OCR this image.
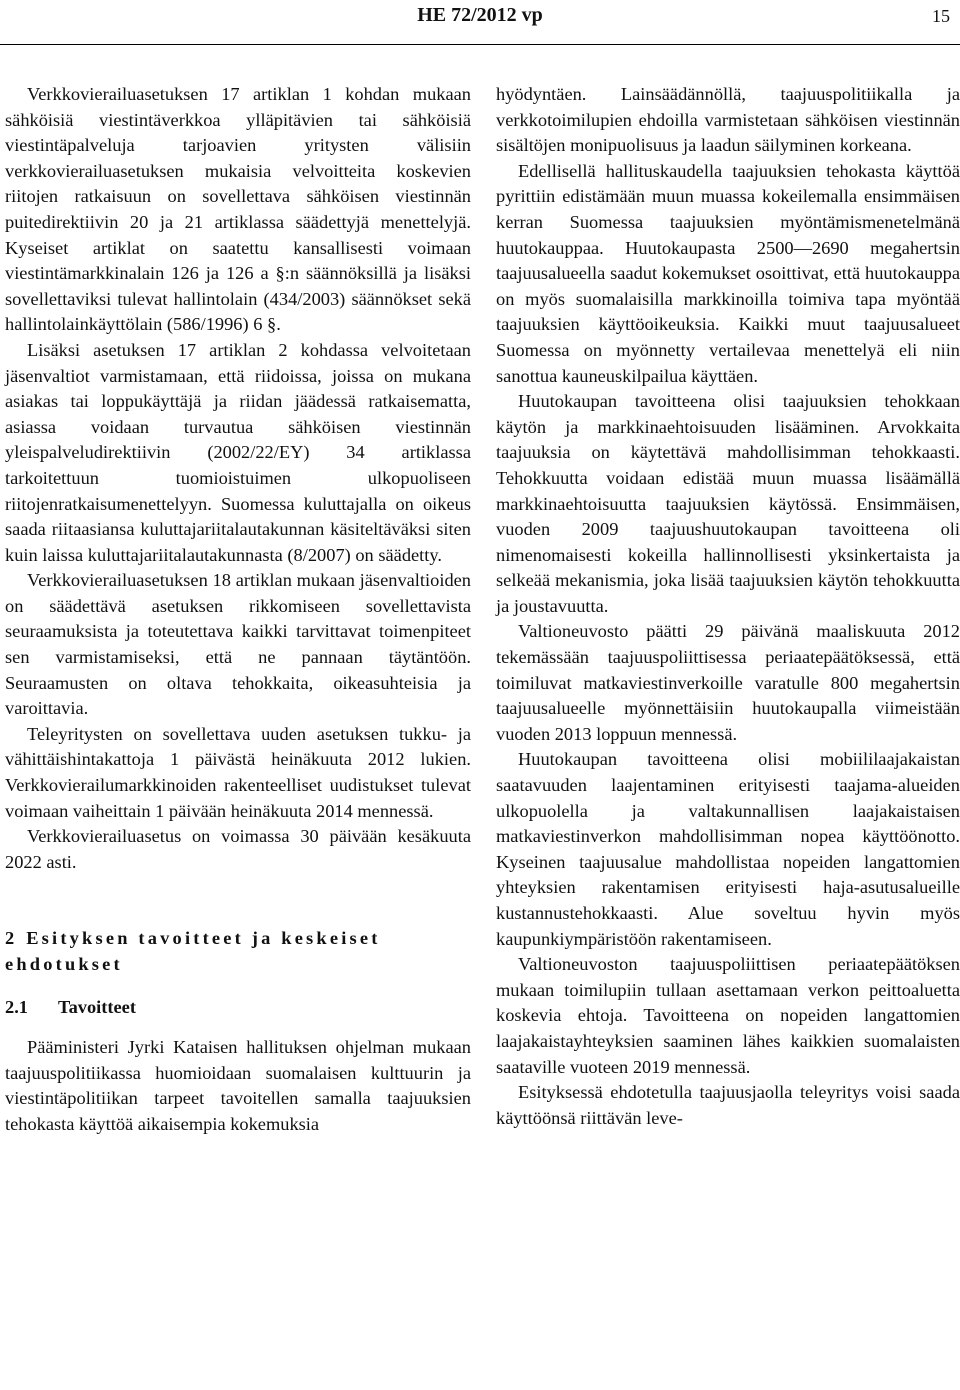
HE 72/2012 vp	15

Verkkovierailuasetuksen 17 artiklan 1 kohdan mukaan sähköisiä viestintäverkkoa ylläpitävien tai sähköisiä viestintäpalveluja tarjoavien yritysten välisiin verkkovierailuasetuksen mukaisia velvoitteita koskevien riitojen ratkaisuun on sovellettava sähköisen viestinnän puitedirektiivin 20 ja 21 artiklassa säädettyjä menettelyjä. Kyseiset artiklat on saatettu kansallisesti voimaan viestintämarkkinalain 126 ja 126 a §:n säännöksillä ja lisäksi sovellettaviksi tulevat hallintolain (434/2003) säännökset sekä hallintolainkäyttölain (586/1996) 6 §.

Lisäksi asetuksen 17 artiklan 2 kohdassa velvoitetaan jäsenvaltiot varmistamaan, että riidoissa, joissa on mukana asiakas tai loppukäyttäjä ja riidan jäädessä ratkaisematta, asiassa voidaan turvautua sähköisen viestinnän yleispalveludirektiivin (2002/22/EY) 34 artiklassa tarkoitettuun tuomioistuimen ulkopuoliseen riitojenratkaisumenettelyyn. Suomessa kuluttajalla on oikeus saada riitaasiansa kuluttajariitalautakunnan käsiteltäväksi siten kuin laissa kuluttajariitalautakunnasta (8/2007) on säädetty.

Verkkovierailuasetuksen 18 artiklan mukaan jäsenvaltioiden on säädettävä asetuksen rikkomiseen sovellettavista seuraamuksista ja toteutettava kaikki tarvittavat toimenpiteet sen varmistamiseksi, että ne pannaan täytäntöön. Seuraamusten on oltava tehokkaita, oikeasuhteisia ja varoittavia.

Teleyritysten on sovellettava uuden asetuksen tukku- ja vähittäishintakattoja 1 päivästä heinäkuuta 2012 lukien. Verkkovierailumarkkinoiden rakenteelliset uudistukset tulevat voimaan vaiheittain 1 päivään heinäkuuta 2014 mennessä.

Verkkovierailuasetus on voimassa 30 päivään kesäkuuta 2022 asti.

2 Esityksen tavoitteet ja keskeiset ehdotukset
2.1 Tavoitteet

Pääministeri Jyrki Kataisen hallituksen ohjelman mukaan taajuuspolitiikassa huomioidaan suomalaisen kulttuurin ja viestintäpolitiikan tarpeet tavoitellen samalla taajuuksien tehokasta käyttöä aikaisempia kokemuksia

hyödyntäen. Lainsäädännöllä, taajuuspolitiikalla ja verkkotoimilupien ehdoilla varmistetaan sähköisen viestinnän sisältöjen monipuolisuus ja laadun säilyminen korkeana.

Edellisellä hallituskaudella taajuuksien tehokasta käyttöä pyrittiin edistämään muun muassa kokeilemalla ensimmäisen kerran Suomessa taajuuksien myöntämismenetelmänä huutokauppaa. Huutokaupasta 2500—2690 megahertsin taajuusalueella saadut kokemukset osoittivat, että huutokauppa on myös suomalaisilla markkinoilla toimiva tapa myöntää taajuuksien käyttöoikeuksia. Kaikki muut taajuusalueet Suomessa on myönnetty vertailevaa menettelyä eli niin sanottua kauneuskilpailua käyttäen.

Huutokaupan tavoitteena olisi taajuuksien tehokkaan käytön ja markkinaehtoisuuden lisääminen. Arvokkaita taajuuksia on käytettävä mahdollisimman tehokkaasti. Tehokkuutta voidaan edistää muun muassa lisäämällä markkinaehtoisuutta taajuuksien käytössä. Ensimmäisen, vuoden 2009 taajuushuutokaupan tavoitteena oli nimenomaisesti kokeilla hallinnollisesti yksinkertaista ja selkeää mekanismia, joka lisää taajuuksien käytön tehokkuutta ja joustavuutta.

Valtioneuvosto päätti 29 päivänä maaliskuuta 2012 tekemässään taajuuspoliittisessa periaatepäätöksessä, että toimiluvat matkaviestinverkoille varatulle 800 megahertsin taajuusalueelle myönnettäisiin huutokaupalla viimeistään vuoden 2013 loppuun mennessä.

Huutokaupan tavoitteena olisi mobiililaajakaistan saatavuuden laajentaminen erityisesti taajama-alueiden ulkopuolella ja valtakunnallisen laajakaistaisen matkaviestinverkon mahdollisimman nopea käyttöönotto. Kyseinen taajuusalue mahdollistaa nopeiden langattomien yhteyksien rakentamisen erityisesti haja-asutusalueille kustannustehokkaasti. Alue soveltuu hyvin myös kaupunkiympäristöön rakentamiseen.

Valtioneuvoston taajuuspoliittisen periaatepäätöksen mukaan toimilupiin tullaan asettamaan verkon peittoaluetta koskevia ehtoja. Tavoitteena on nopeiden langattomien laajakaistayhteyksien saaminen lähes kaikkien suomalaisten saataville vuoteen 2019 mennessä.

Esityksessä ehdotetulla taajuusjaolla teleyritys voisi saada käyttöönsä riittävän leve-
